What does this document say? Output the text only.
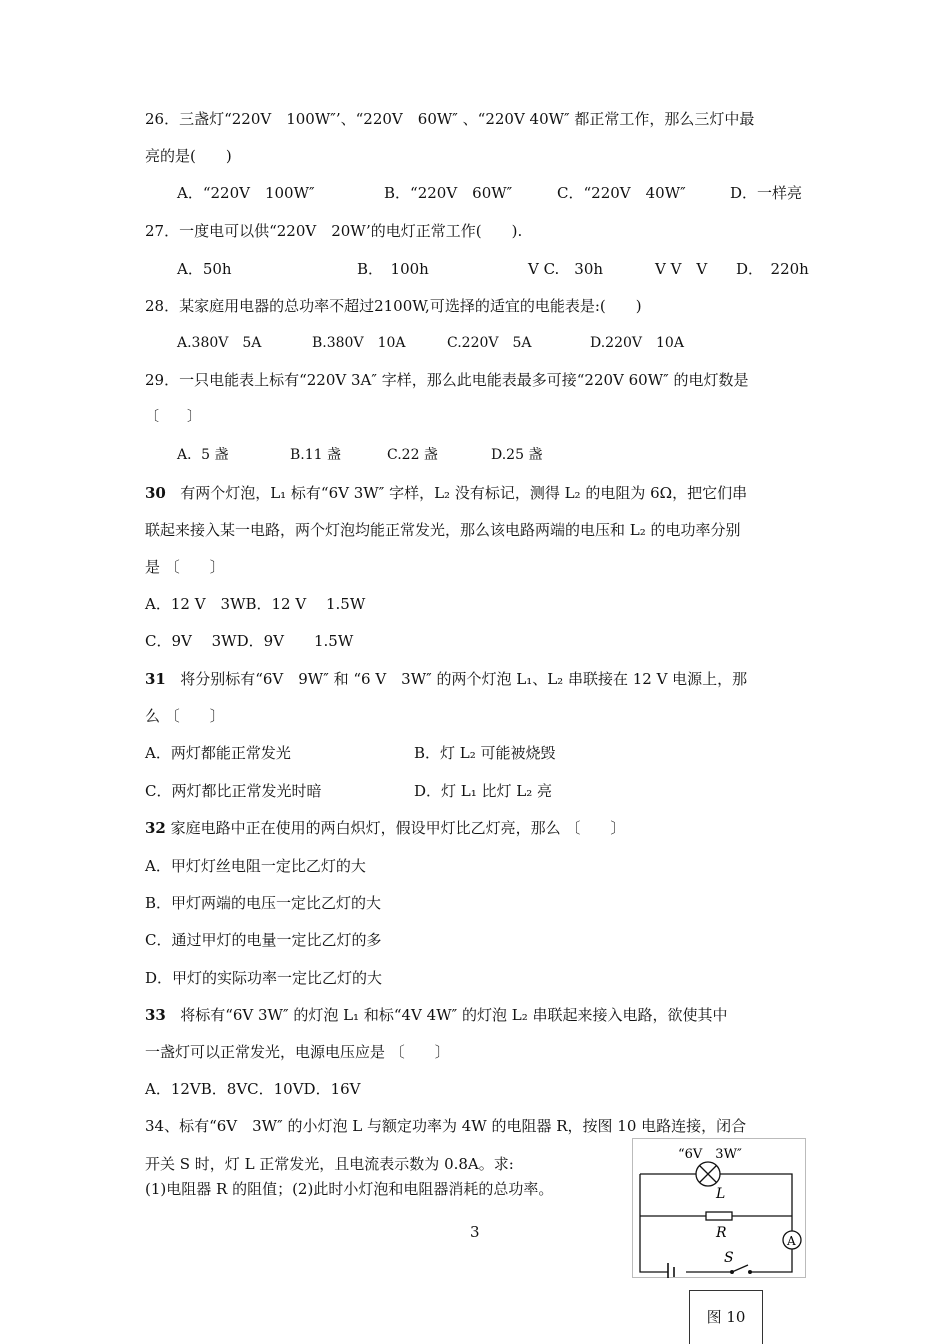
26．三盏灯“220V　100W″’、“220V　60W″ 、“220V 40W″ 都正常工作，那么三灯中最
亮的是(　　)
A．“220V　100W″	B．“220V　60W″	C．“220V　40W″	D．一样亮
27．一度电可以供“220V　20W’的电灯正常工作(　　).
A．50h	B．　100h	V C.　30h	V V　V D．　220h
28．某家庭用电器的总功率不超过2100W,可选择的适宜的电能表是:(　　)
A.380V　5A	B.380V　10A	C.220V　5A	D.220V　10A
29．一只电能表上标有“220V 3A″ 字样，那么此电能表最多可接“220V 60W″ 的电灯数是
〔　　〕
A．5 盏	B.11 盏	C.22 盏	D.25 盏
30 有两个灯泡，L₁ 标有“6V 3W″ 字样，L₂ 没有标记，测得 L₂ 的电阻为 6Ω，把它们串
联起来接入某一电路，两个灯泡均能正常发光，那么该电路两端的电压和 L₂ 的电功率分别
是 〔　　〕
A．12 V　3WB．12 V　 1.5W
C．9V　 3WD．9V　　1.5W
31 将分别标有“6V　9W″ 和 “6 V　3W″ 的两个灯泡 L₁、L₂ 串联接在 12 V 电源上，那
么 〔　　〕
A．两灯都能正常发光	B．灯 L₂ 可能被烧毁
C．两灯都比正常发光时暗	D．灯 L₁ 比灯 L₂ 亮
32 家庭电路中正在使用的两白炽灯，假设甲灯比乙灯亮，那么 〔　　〕
A．甲灯灯丝电阻一定比乙灯的大
B．甲灯两端的电压一定比乙灯的大
C．通过甲灯的电量一定比乙灯的多
D．甲灯的实际功率一定比乙灯的大
33 将标有“6V 3W″ 的灯泡 L₁ 和标“4V 4W″ 的灯泡 L₂ 串联起来接入电路，欲使其中
一盏灯可以正常发光，电源电压应是 〔　　〕
A．12VB．8VC．10VD．16V
34、标有“6V　3W″ 的小灯泡 L 与额定功率为 4W 的电阻器 R，按图 10 电路连接，闭合
开关 S 时，灯 L 正常发光，且电流表示数为 0.8A。求:
(1)电阻器 R 的阻值；(2)此时小灯泡和电阻器消耗的总功率。
3
“6V　3W″
L
R
S
A
图 10
